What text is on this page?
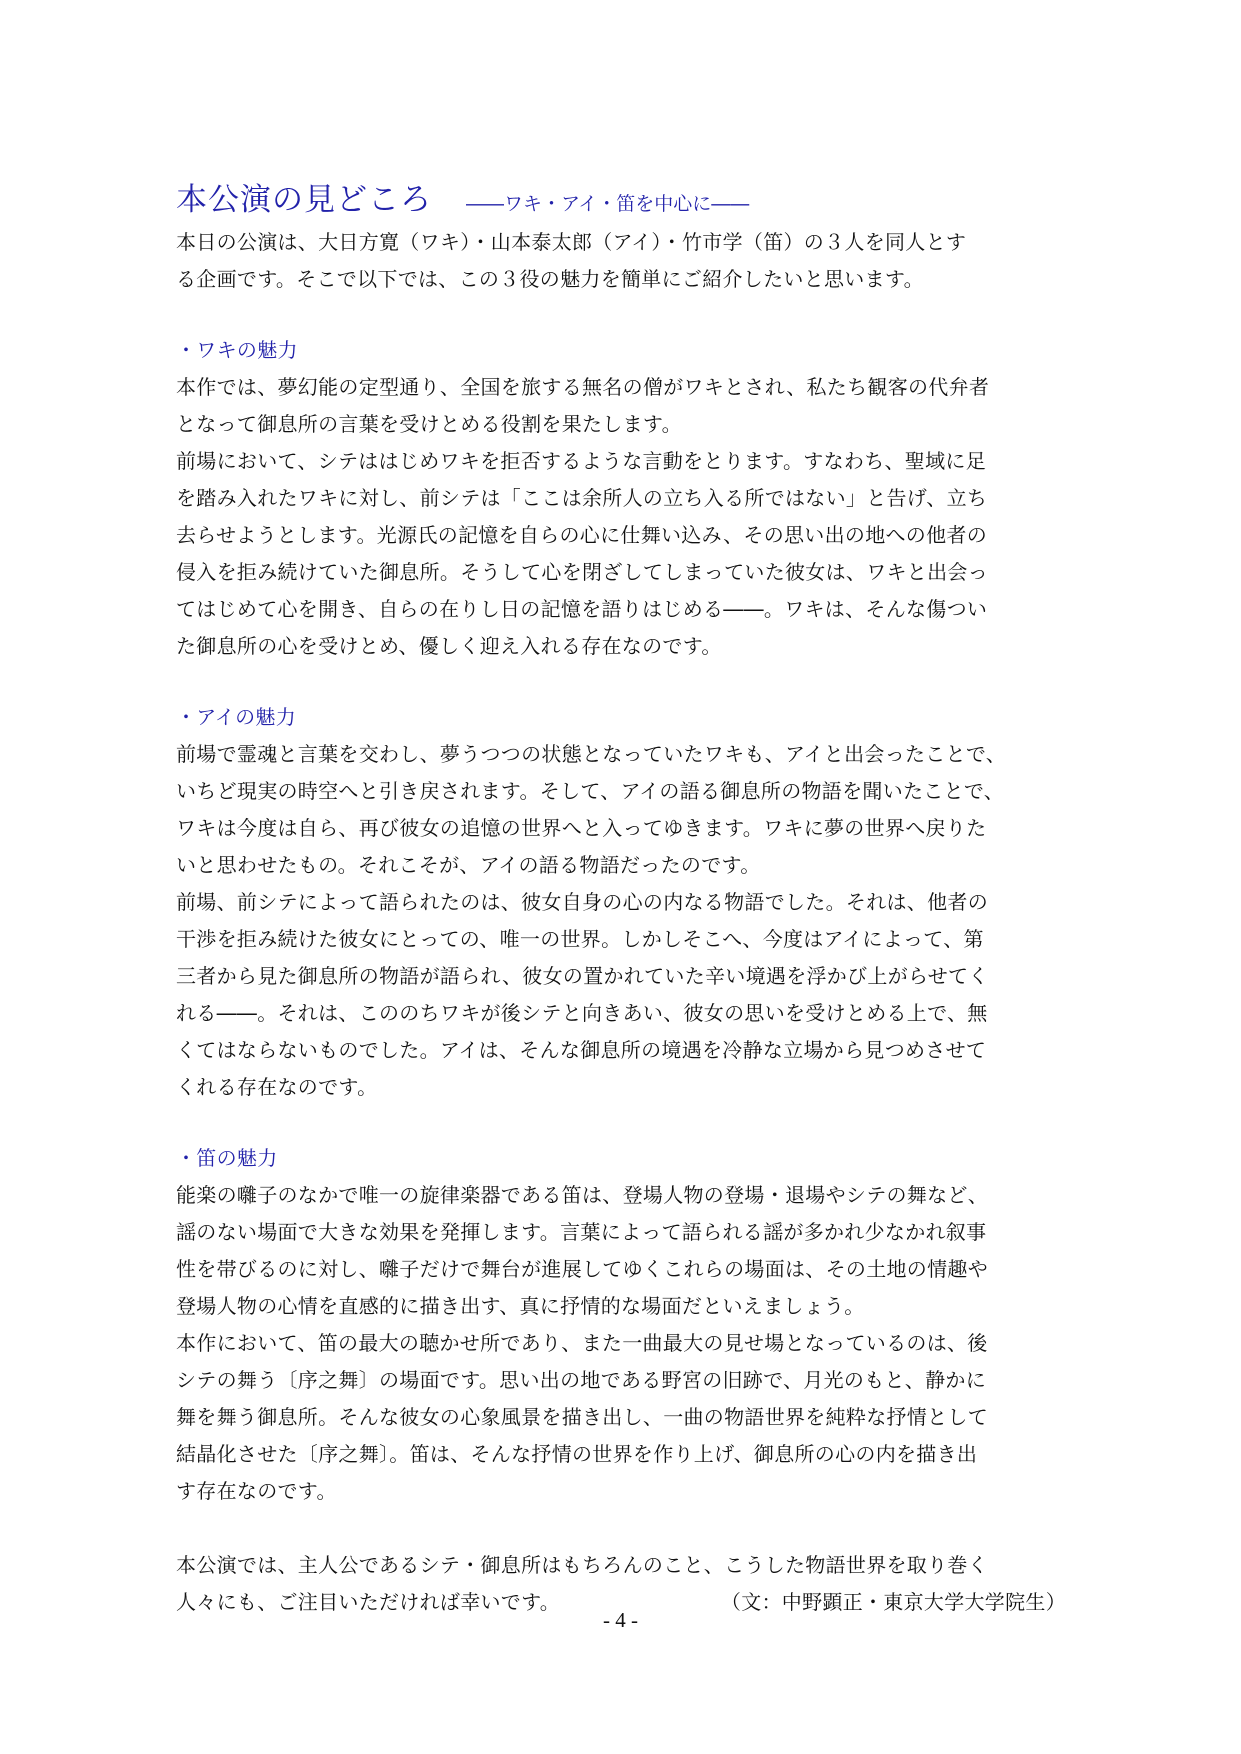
本公演の見どころ ――ワキ・アイ・笛を中心に――

本日の公演は、大日方寛（ワキ）・山本泰太郎（アイ）・竹市学（笛）の３人を同人とす

る企画です。そこで以下では、この３役の魅力を簡単にご紹介したいと思います。

・ワキの魅力

本作では、夢幻能の定型通り、全国を旅する無名の僧がワキとされ、私たち観客の代弁者

となって御息所の言葉を受けとめる役割を果たします。

前場において、シテははじめワキを拒否するような言動をとります。すなわち、聖域に足

を踏み入れたワキに対し、前シテは「ここは余所人の立ち入る所ではない」と告げ、立ち

去らせようとします。光源氏の記憶を自らの心に仕舞い込み、その思い出の地への他者の

侵入を拒み続けていた御息所。そうして心を閉ざしてしまっていた彼女は、ワキと出会っ

てはじめて心を開き、自らの在りし日の記憶を語りはじめる――。ワキは、そんな傷つい

た御息所の心を受けとめ、優しく迎え入れる存在なのです。

・アイの魅力

前場で霊魂と言葉を交わし、夢うつつの状態となっていたワキも、アイと出会ったことで、

いちど現実の時空へと引き戻されます。そして、アイの語る御息所の物語を聞いたことで、

ワキは今度は自ら、再び彼女の追憶の世界へと入ってゆきます。ワキに夢の世界へ戻りた

いと思わせたもの。それこそが、アイの語る物語だったのです。

前場、前シテによって語られたのは、彼女自身の心の内なる物語でした。それは、他者の

干渉を拒み続けた彼女にとっての、唯一の世界。しかしそこへ、今度はアイによって、第

三者から見た御息所の物語が語られ、彼女の置かれていた辛い境遇を浮かび上がらせてく

れる――。それは、こののちワキが後シテと向きあい、彼女の思いを受けとめる上で、無

くてはならないものでした。アイは、そんな御息所の境遇を冷静な立場から見つめさせて

くれる存在なのです。

・笛の魅力

能楽の囃子のなかで唯一の旋律楽器である笛は、登場人物の登場・退場やシテの舞など、

謡のない場面で大きな効果を発揮します。言葉によって語られる謡が多かれ少なかれ叙事

性を帯びるのに対し、囃子だけで舞台が進展してゆくこれらの場面は、その土地の情趣や

登場人物の心情を直感的に描き出す、真に抒情的な場面だといえましょう。

本作において、笛の最大の聴かせ所であり、また一曲最大の見せ場となっているのは、後

シテの舞う〔序之舞〕の場面です。思い出の地である野宮の旧跡で、月光のもと、静かに

舞を舞う御息所。そんな彼女の心象風景を描き出し、一曲の物語世界を純粋な抒情として

結晶化させた〔序之舞〕。笛は、そんな抒情の世界を作り上げ、御息所の心の内を描き出

す存在なのです。

本公演では、主人公であるシテ・御息所はもちろんのこと、こうした物語世界を取り巻く

人々にも、ご注目いただければ幸いです。	（文：中野顕正・東京大学大学院生）

- 4 -
